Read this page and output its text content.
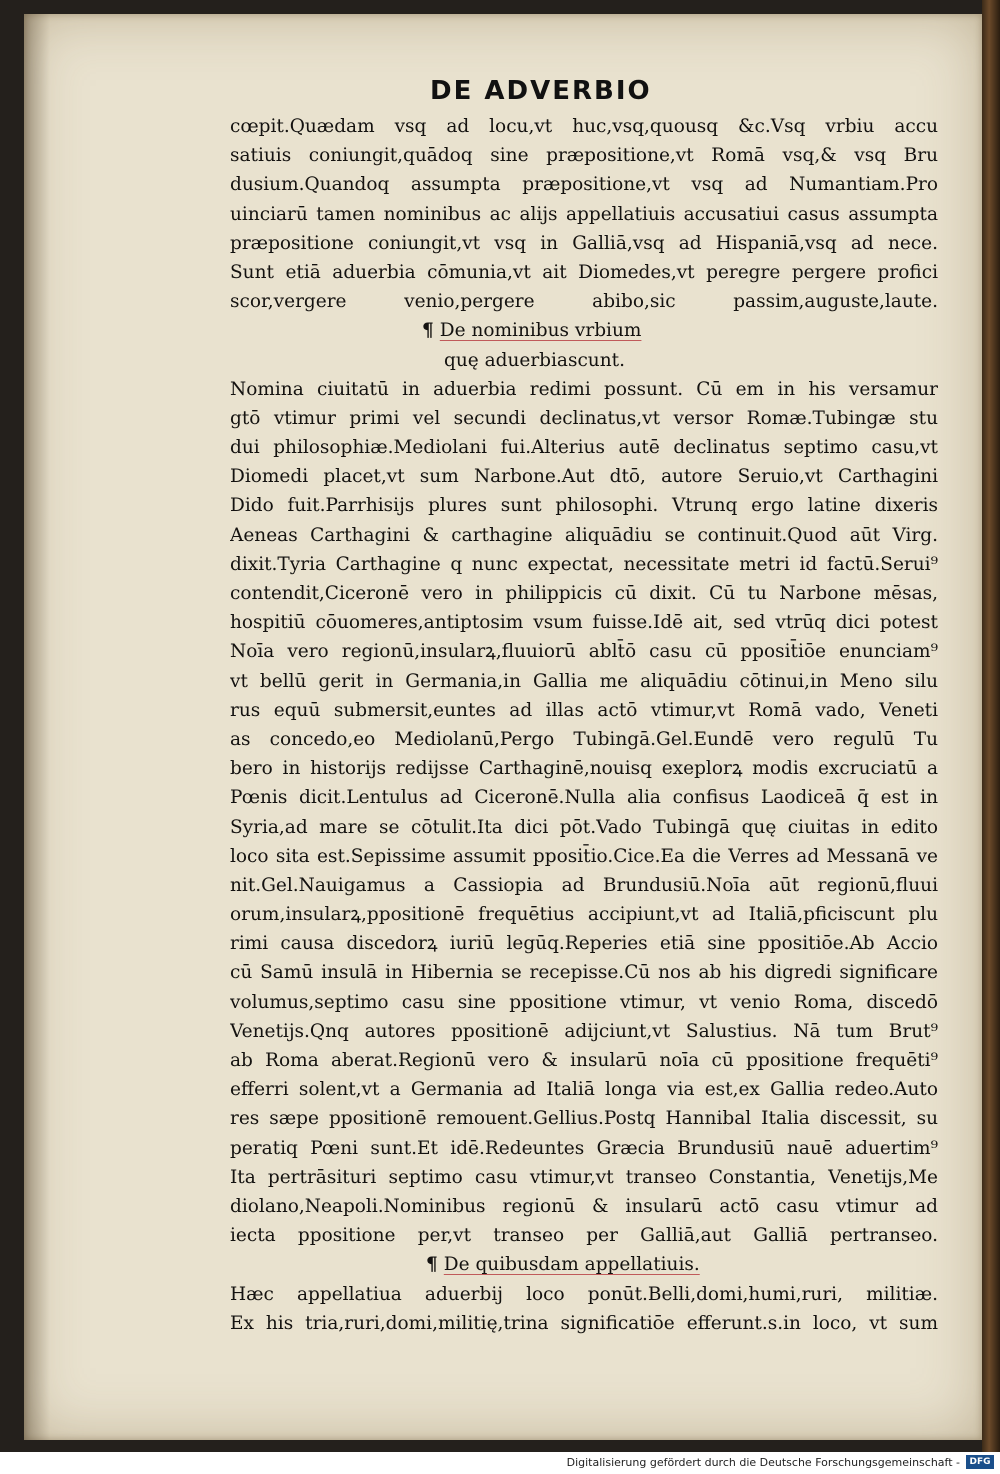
DE ADVERBIO
cœpit.Quædam vsq ad locu,vt huc,vsq,quousq &c.Vsq vrbiu accu
satiuis coniungit,quādoq sine præpositione,vt Romā vsq,& vsq Bru
dusium.Quandoq assumpta præpositione,vt vsq ad Numantiam.Pro
uinciarū tamen nominibus ac alijs appellatiuis accusatiui casus assumpta
præpositione coniungit,vt vsq in Galliā,vsq ad Hispaniā,vsq ad nece.
Sunt etiā aduerbia cōmunia,vt ait Diomedes,vt peregre pergere profici
scor,vergere venio,pergere abibo,sic passim,auguste,laute.
¶ De nominibus vrbium
quę aduerbiascunt.
Nomina ciuitatū in aduerbia redimi possunt. Cū em in his versamur
gtō vtimur primi vel secundi declinatus,vt versor Romæ.Tubingæ stu
dui philosophiæ.Mediolani fui.Alterius autē declinatus septimo casu,vt
Diomedi placet,vt sum Narbone.Aut dtō, autore Seruio,vt Carthagini
Dido fuit.Parrhisijs plures sunt philosophi. Vtrunq ergo latine dixeris
Aeneas Carthagini & carthagine aliquādiu se continuit.Quod aūt Virg.
dixit.Tyria Carthagine q nunc expectat, necessitate metri id factū.Serui⁹
contendit,Ciceronē vero in philippicis cū dixit. Cū tu Narbone mēsas,
hospitiū cōuomeres,antiptosim vsum fuisse.Idē ait, sed vtrūq dici potest
Noīa vero regionū,insularꝝ,fluuiorū ablt̄ō casu cū pposit̄iōe enunciam⁹
vt bellū gerit in Germania,in Gallia me aliquādiu cōtinui,in Meno silu
rus equū submersit,euntes ad illas actō vtimur,vt Romā vado, Veneti
as concedo,eo Mediolanū,Pergo Tubingā.Gel.Eundē vero regulū Tu
bero in historijs redijsse Carthaginē,nouisq exeplorꝝ modis excruciatū a
Pœnis dicit.Lentulus ad Ciceronē.Nulla alia confisus Laodiceā q̄ est in
Syria,ad mare se cōtulit.Ita dici pōt.Vado Tubingā quę ciuitas in edito
loco sita est.Sepissime assumit pposit̄io.Cice.Ea die Verres ad Messanā ve
nit.Gel.Nauigamus a Cassiopia ad Brundusiū.Noīa aūt regionū,fluui
orum,insularꝝ,ppositionē frequētius accipiunt,vt ad Italiā,pficiscunt plu
rimi causa discedorꝝ iuriū legūq.Reperies etiā sine ppositiōe.Ab Accio
cū Samū insulā in Hibernia se recepisse.Cū nos ab his digredi significare
volumus,septimo casu sine ppositione vtimur, vt venio Roma, discedō
Venetijs.Qnq autores ppositionē adijciunt,vt Salustius. Nā tum Brut⁹
ab Roma aberat.Regionū vero & insularū noīa cū ppositione frequēti⁹
efferri solent,vt a Germania ad Italiā longa via est,ex Gallia redeo.Auto
res sæpe ppositionē remouent.Gellius.Postq Hannibal Italia discessit, su
peratiq Pœni sunt.Et idē.Redeuntes Græcia Brundusiū nauē aduertim⁹
Ita pertrāsituri septimo casu vtimur,vt transeo Constantia, Venetijs,Me
diolano,Neapoli.Nominibus regionū & insularū actō casu vtimur ad
iecta ppositione per,vt transeo per Galliā,aut Galliā pertranseo.
¶ De quibusdam appellatiuis.
Hæc appellatiua aduerbij loco ponūt.Belli,domi,humi,ruri, militiæ.
Ex his tria,ruri,domi,militię,trina significatiōe efferunt.s.in loco, vt sum
Digitalisierung gefördert durch die Deutsche Forschungsgemeinschaft -	DFG
